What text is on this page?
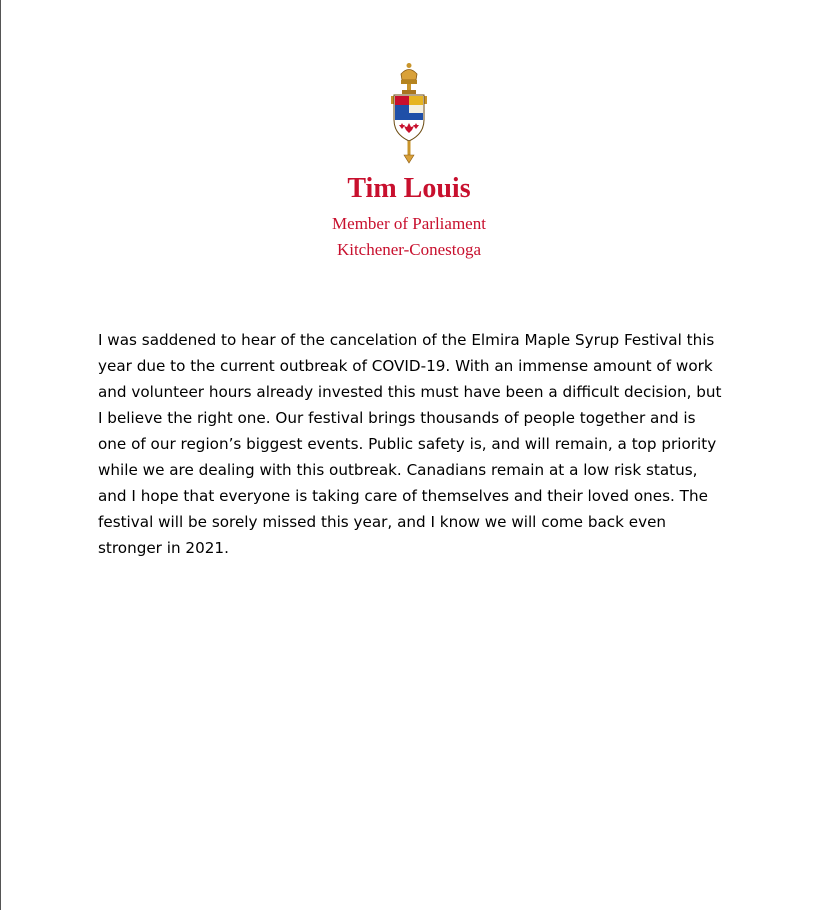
Tim Louis
Member of Parliament
Kitchener-Conestoga

I was saddened to hear of the cancelation of the Elmira Maple Syrup Festival this
year due to the current outbreak of COVID-19. With an immense amount of work
and volunteer hours already invested this must have been a difficult decision, but
I believe the right one. Our festival brings thousands of people together and is
one of our region’s biggest events. Public safety is, and will remain, a top priority
while we are dealing with this outbreak. Canadians remain at a low risk status,
and I hope that everyone is taking care of themselves and their loved ones. The
festival will be sorely missed this year, and I know we will come back even
stronger in 2021.
